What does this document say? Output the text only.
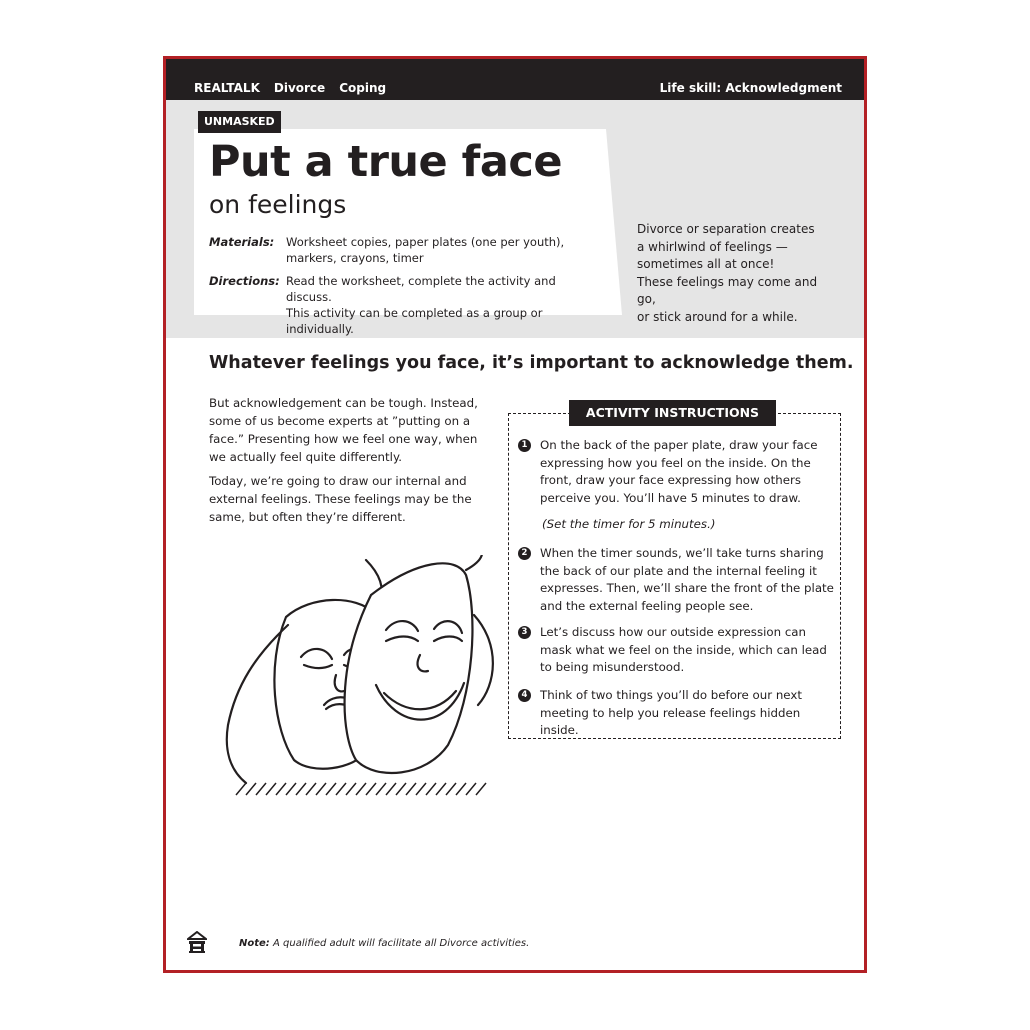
REALTALK Divorce Coping	Life skill: Acknowledgment
Divorce or separation creates
a whirlwind of feelings —
sometimes all at once!
These feelings may come and go,
or stick around for a while.
UNMASKED
Put a true face
on feelings
Materials:	Worksheet copies, paper plates (one per youth), markers, crayons, timer
Directions: Read the worksheet, complete the activity and discuss.
This activity can be completed as a group or individually.
Whatever feelings you face, it’s important to acknowledge them.

But acknowledgement can be tough. Instead, some of us become experts at ”putting on a face.” Presenting how we feel one way, when we actually feel quite differently.

Today, we’re going to draw our internal and external feelings. These feelings may be the same, but often they’re different.

ACTIVITY INSTRUCTIONS
1	On the back of the paper plate, draw your face expressing how you feel on the inside. On the front, draw your face expressing how others perceive you. You’ll have 5 minutes to draw.
(Set the timer for 5 minutes.)
2	When the timer sounds, we’ll take turns sharing the back of our plate and the internal feeling it expresses. Then, we’ll share the front of the plate and the external feeling people see.
3	Let’s discuss how our outside expression can mask what we feel on the inside, which can lead to being misunderstood.
4	Think of two things you’ll do before our next meeting to help you release feelings hidden inside.
Note: A qualified adult will facilitate all Divorce activities.
